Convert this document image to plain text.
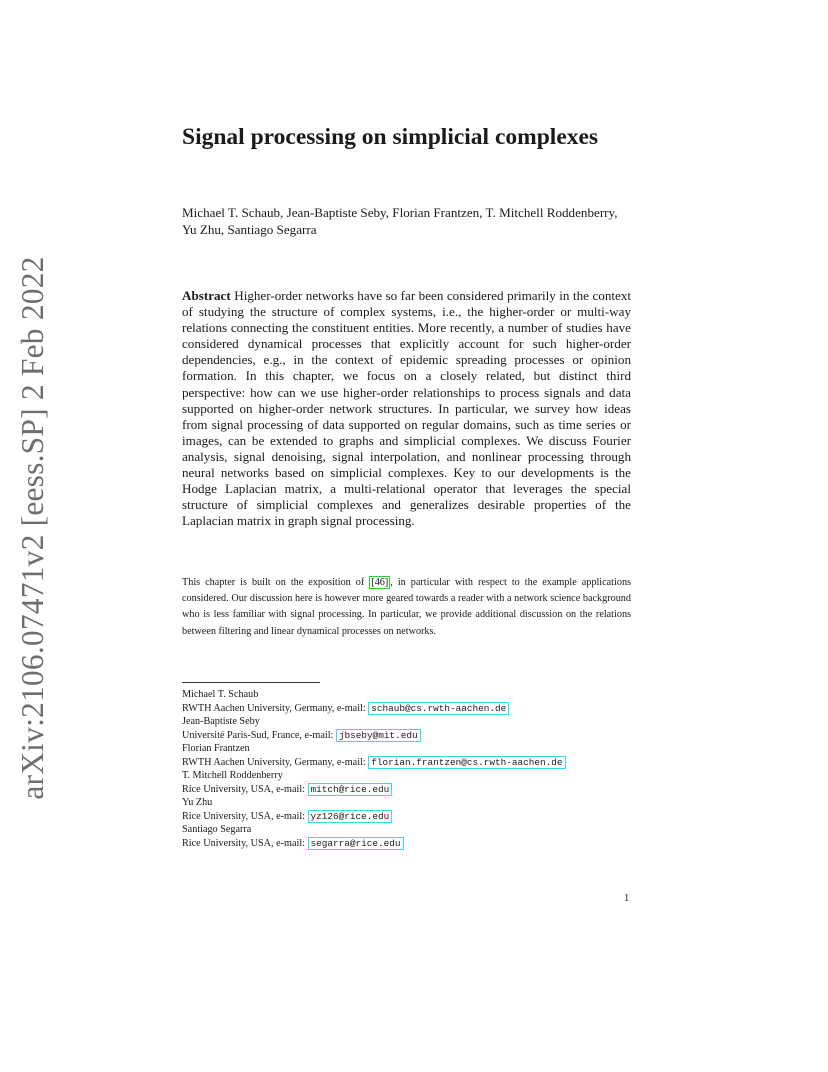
arXiv:2106.07471v2 [eess.SP] 2 Feb 2022
Signal processing on simplicial complexes
Michael T. Schaub, Jean-Baptiste Seby, Florian Frantzen, T. Mitchell Roddenberry, Yu Zhu, Santiago Segarra
Abstract Higher-order networks have so far been considered primarily in the context of studying the structure of complex systems, i.e., the higher-order or multi-way relations connecting the constituent entities. More recently, a number of studies have considered dynamical processes that explicitly account for such higher-order dependencies, e.g., in the context of epidemic spreading processes or opinion formation. In this chapter, we focus on a closely related, but distinct third perspective: how can we use higher-order relationships to process signals and data supported on higher-order network structures. In particular, we survey how ideas from signal processing of data supported on regular domains, such as time series or images, can be extended to graphs and simplicial complexes. We discuss Fourier analysis, signal denoising, signal interpolation, and nonlinear processing through neural networks based on simplicial complexes. Key to our developments is the Hodge Laplacian matrix, a multi-relational operator that leverages the special structure of simplicial complexes and generalizes desirable properties of the Laplacian matrix in graph signal processing.
This chapter is built on the exposition of [46] , in particular with respect to the example applications considered. Our discussion here is however more geared towards a reader with a network science background who is less familiar with signal processing. In particular, we provide additional discussion on the relations between filtering and linear dynamical processes on networks.
Michael T. Schaub
RWTH Aachen University, Germany, e-mail: schaub@cs.rwth-aachen.de
Jean-Baptiste Seby
Université Paris-Sud, France, e-mail: jbseby@mit.edu
Florian Frantzen
RWTH Aachen University, Germany, e-mail: florian.frantzen@cs.rwth-aachen.de
T. Mitchell Roddenberry
Rice University, USA, e-mail: mitch@rice.edu
Yu Zhu
Rice University, USA, e-mail: yz126@rice.edu
Santiago Segarra
Rice University, USA, e-mail: segarra@rice.edu
1
